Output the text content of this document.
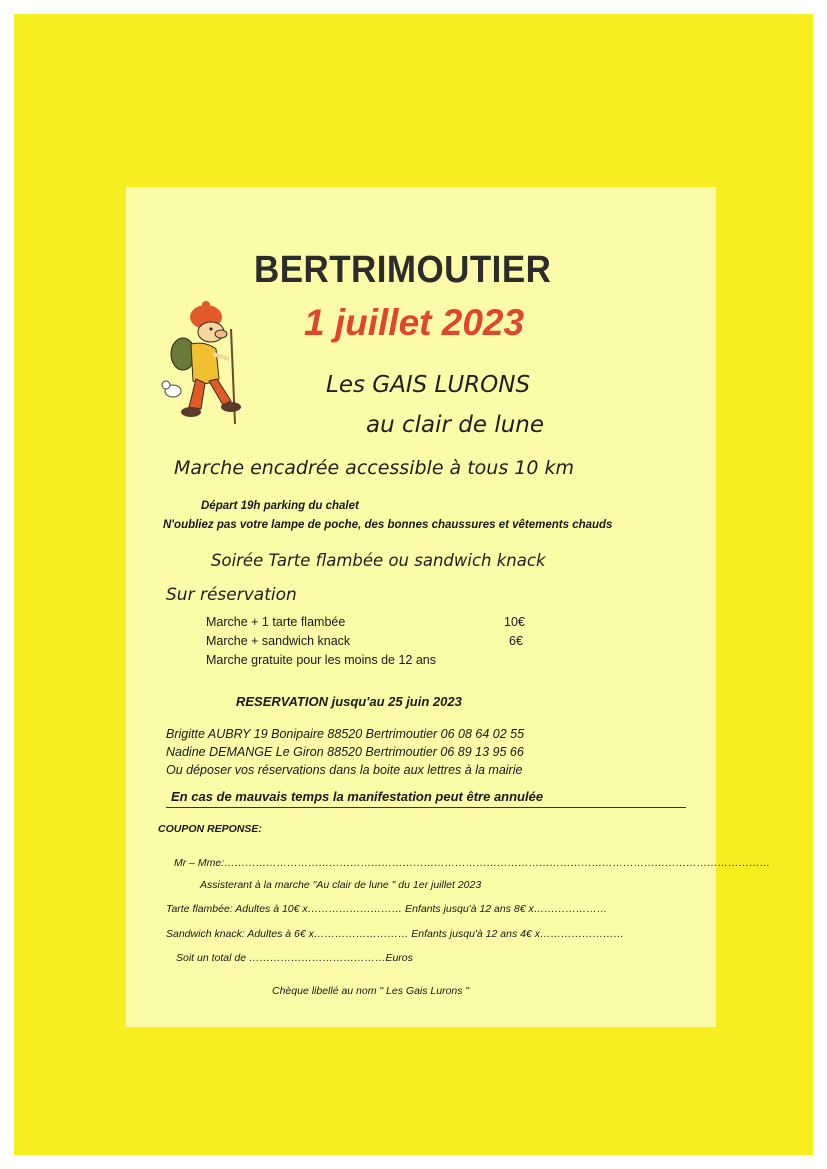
BERTRIMOUTIER
1 juillet 2023
Les GAIS LURONS
au clair de lune
Marche encadrée accessible à tous 10 km
Départ 19h parking du chalet
N'oubliez pas votre lampe de poche, des bonnes chaussures et vêtements chauds
Soirée Tarte flambée ou sandwich knack
Sur réservation
Marche + 1 tarte flambée	10€
Marche + sandwich knack	6€
Marche gratuite pour les moins de 12 ans
RESERVATION jusqu'au 25 juin 2023
Brigitte AUBRY 19 Bonipaire 88520 Bertrimoutier 06 08 64 02 55
Nadine DEMANGE Le Giron 88520 Bertrimoutier 06 89 13 95 66
Ou déposer vos réservations dans la boite aux lettres à la mairie
En cas de mauvais temps la manifestation peut être annulée
COUPON REPONSE:
Mr – Mme:…………………………………………………………………………………………………………………………………………
Assisterant à la marche "Au clair de lune " du 1er juillet 2023
Tarte flambée: Adultes à 10€ x……………………… Enfants jusqu'à 12 ans 8€ x…………………
Sandwich knack: Adultes à 6€ x……………………… Enfants jusqu'à 12 ans 4€ x……………………
Soit un total de …………………………………Euros
Chèque libellé au nom " Les Gais Lurons "
